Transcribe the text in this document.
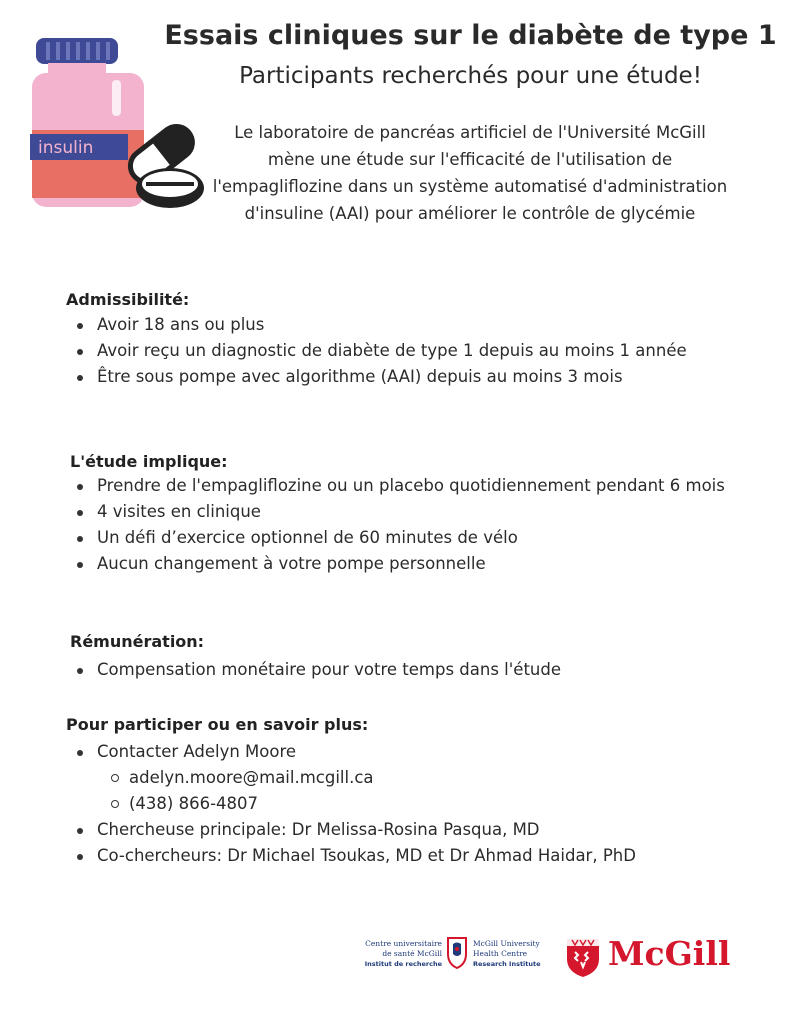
insulin
Essais cliniques sur le diabète de type 1

Participants recherchés pour une étude!

Le laboratoire de pancréas artificiel de l'Université McGill mène une étude sur l'efficacité de l'utilisation de l'empagliflozine dans un système automatisé d'administration d'insuline (AAI) pour améliorer le contrôle de glycémie

Admissibilité:
Avoir 18 ans ou plus
Avoir reçu un diagnostic de diabète de type 1 depuis au moins 1 année
Être sous pompe avec algorithme (AAI) depuis au moins 3 mois
L'étude implique:
Prendre de l'empagliflozine ou un placebo quotidiennement pendant 6 mois
4 visites en clinique
Un défi d’exercice optionnel de 60 minutes de vélo
Aucun changement à votre pompe personnelle
Rémunération:
Compensation monétaire pour votre temps dans l'étude
Pour participer ou en savoir plus:
Contacter Adelyn Moore
adelyn.moore@mail.mcgill.ca
(438) 866-4807
Chercheuse principale: Dr Melissa-Rosina Pasqua, MD
Co-chercheurs: Dr Michael Tsoukas, MD et Dr Ahmad Haidar, PhD
Centre universitaire
de santé McGill
Institut de recherche
McGill University
Health Centre
Research Institute	McGill
